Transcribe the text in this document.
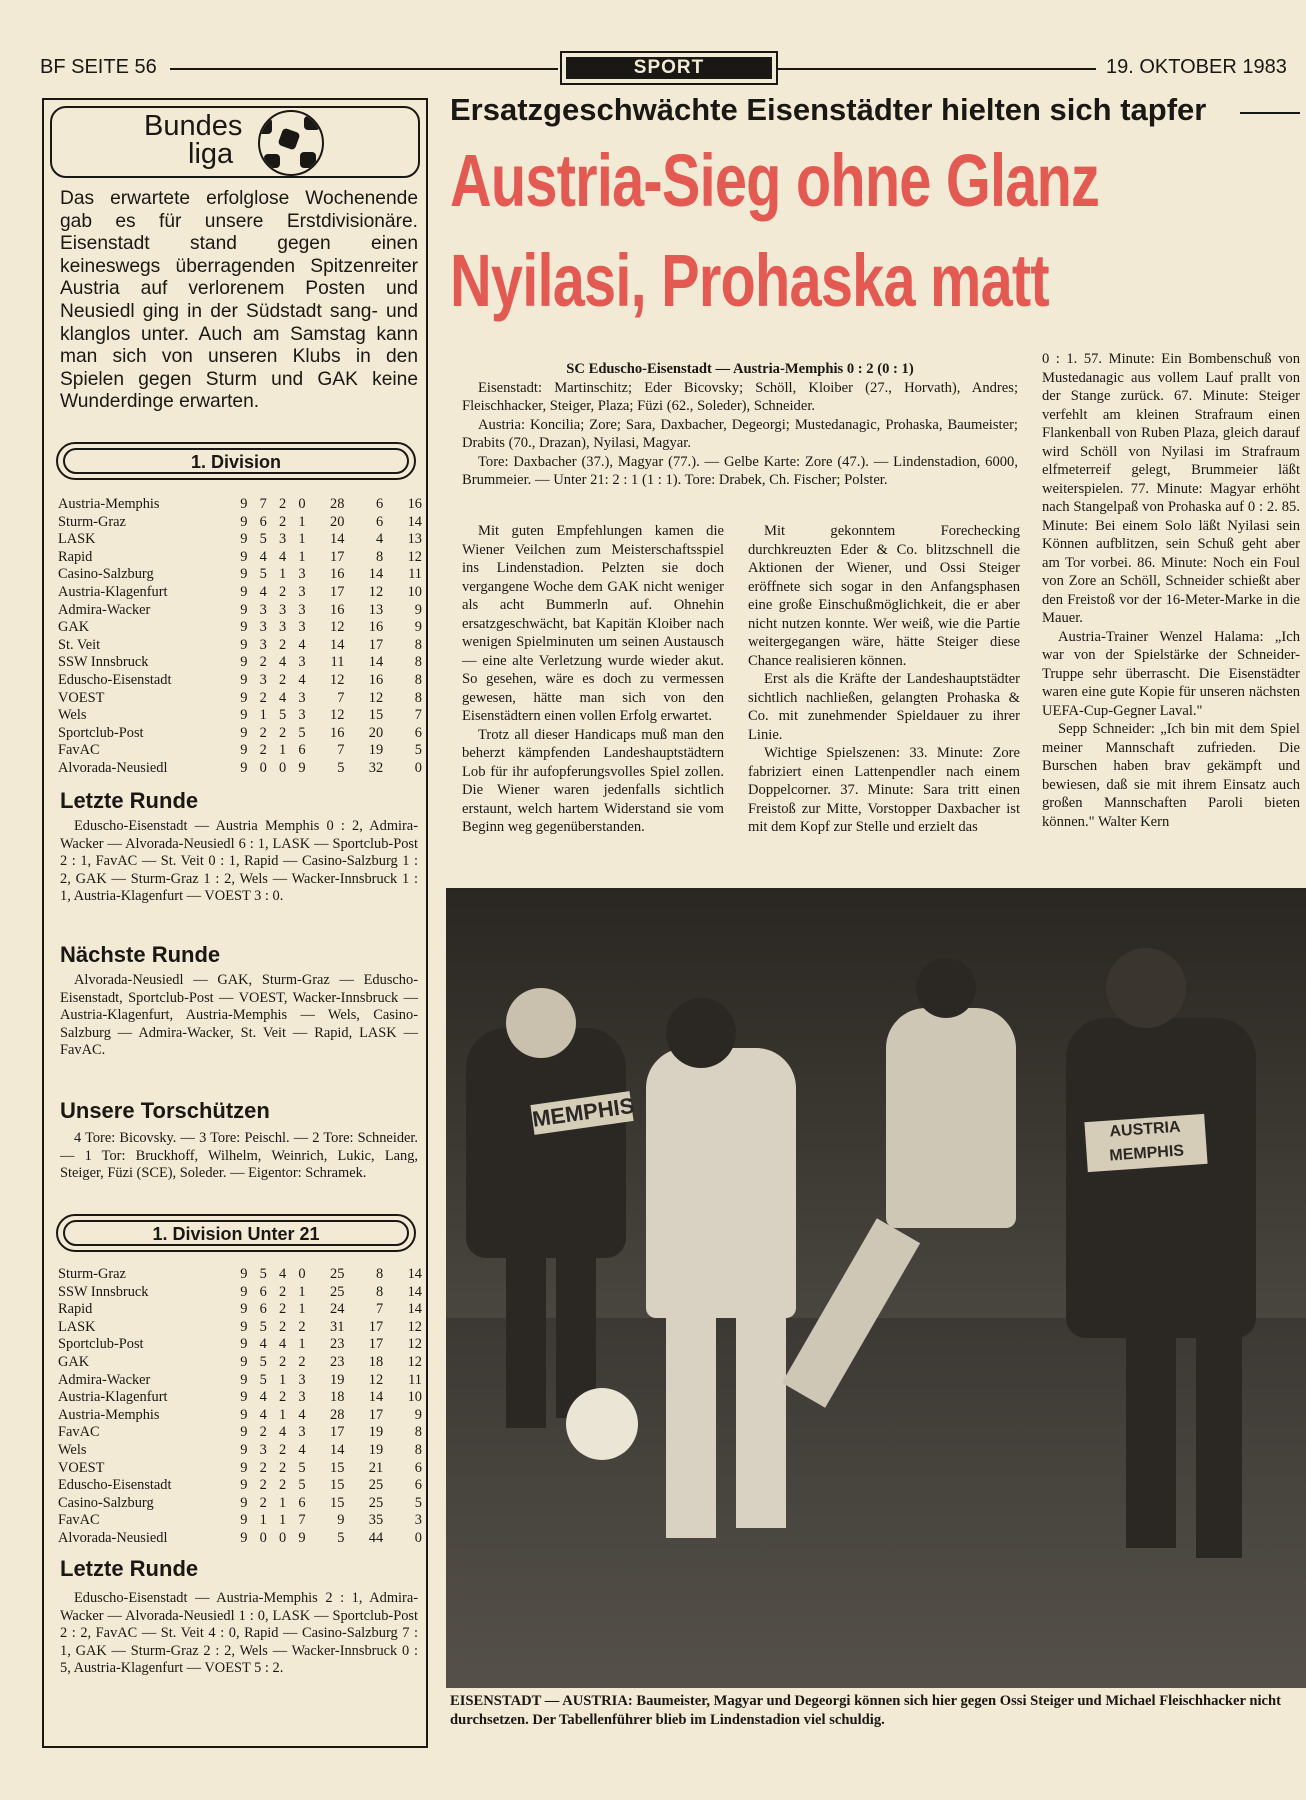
BF SEITE 56	SPORT	19. OKTOBER 1983
Bundes
liga
Das erwartete erfolglose Wochenende gab es für unsere Erstdivisionäre. Eisenstadt stand gegen einen keineswegs überragenden Spitzenreiter Austria auf verlorenem Posten und Neusiedl ging in der Südstadt sang- und klanglos unter. Auch am Samstag kann man sich von unseren Klubs in den Spielen gegen Sturm und GAK keine Wunderdinge erwarten.
1. Division
Austria-Memphis	9	7	2	0	28	6	16
Sturm-Graz	9	6	2	1	20	6	14
LASK	9	5	3	1	14	4	13
Rapid	9	4	4	1	17	8	12
Casino-Salzburg	9	5	1	3	16	14	11
Austria-Klagenfurt	9	4	2	3	17	12	10
Admira-Wacker	9	3	3	3	16	13	9
GAK	9	3	3	3	12	16	9
St. Veit	9	3	2	4	14	17	8
SSW Innsbruck	9	2	4	3	11	14	8
Eduscho-Eisenstadt	9	3	2	4	12	16	8
VOEST	9	2	4	3	7	12	8
Wels	9	1	5	3	12	15	7
Sportclub-Post	9	2	2	5	16	20	6
FavAC	9	2	1	6	7	19	5
Alvorada-Neusiedl	9	0	0	9	5	32	0
Letzte Runde
Eduscho-Eisenstadt — Austria Memphis 0 : 2, Admira-Wacker — Alvorada-Neusiedl 6 : 1, LASK — Sportclub-Post 2 : 1, FavAC — St. Veit 0 : 1, Rapid — Casino-Salzburg 1 : 2, GAK — Sturm-Graz 1 : 2, Wels — Wacker-Innsbruck 1 : 1, Austria-Klagenfurt — VOEST 3 : 0.
Nächste Runde
Alvorada-Neusiedl — GAK, Sturm-Graz — Eduscho-Eisenstadt, Sportclub-Post — VOEST, Wacker-Innsbruck — Austria-Klagenfurt, Austria-Memphis — Wels, Casino-Salzburg — Admira-Wacker, St. Veit — Rapid, LASK — FavAC.
Unsere Torschützen
4 Tore: Bicovsky. — 3 Tore: Peischl. — 2 Tore: Schneider. — 1 Tor: Bruckhoff, Wilhelm, Weinrich, Lukic, Lang, Steiger, Füzi (SCE), Soleder. — Eigentor: Schramek.
1. Division Unter 21
Sturm-Graz	9	5	4	0	25	8	14
SSW Innsbruck	9	6	2	1	25	8	14
Rapid	9	6	2	1	24	7	14
LASK	9	5	2	2	31	17	12
Sportclub-Post	9	4	4	1	23	17	12
GAK	9	5	2	2	23	18	12
Admira-Wacker	9	5	1	3	19	12	11
Austria-Klagenfurt	9	4	2	3	18	14	10
Austria-Memphis	9	4	1	4	28	17	9
FavAC	9	2	4	3	17	19	8
Wels	9	3	2	4	14	19	8
VOEST	9	2	2	5	15	21	6
Eduscho-Eisenstadt	9	2	2	5	15	25	6
Casino-Salzburg	9	2	1	6	15	25	5
FavAC	9	1	1	7	9	35	3
Alvorada-Neusiedl	9	0	0	9	5	44	0
Letzte Runde
Eduscho-Eisenstadt — Austria-Memphis 2 : 1, Admira-Wacker — Alvorada-Neusiedl 1 : 0, LASK — Sportclub-Post 2 : 2, FavAC — St. Veit 4 : 0, Rapid — Casino-Salzburg 7 : 1, GAK — Sturm-Graz 2 : 2, Wels — Wacker-Innsbruck 0 : 5, Austria-Klagenfurt — VOEST 5 : 2.
Ersatzgeschwächte Eisenstädter hielten sich tapfer
Austria-Sieg ohne Glanz
Nyilasi, Prohaska matt

SC Eduscho-Eisenstadt — Austria-Memphis 0 : 2 (0 : 1)

Eisenstadt: Martinschitz; Eder Bicovsky; Schöll, Kloiber (27., Horvath), Andres; Fleischhacker, Steiger, Plaza; Füzi (62., Soleder), Schneider.

Austria: Koncilia; Zore; Sara, Daxbacher, Degeorgi; Mustedanagic, Prohaska, Baumeister; Drabits (70., Drazan), Nyilasi, Magyar.

Tore: Daxbacher (37.), Magyar (77.). — Gelbe Karte: Zore (47.). — Lindenstadion, 6000, Brummeier. — Unter 21: 2 : 1 (1 : 1). Tore: Drabek, Ch. Fischer; Polster.

Mit guten Empfehlungen kamen die Wiener Veilchen zum Meisterschaftsspiel ins Lindenstadion. Pelzten sie doch vergangene Woche dem GAK nicht weniger als acht Bummerln auf. Ohnehin ersatzgeschwächt, bat Kapitän Kloiber nach wenigen Spielminuten um seinen Austausch — eine alte Verletzung wurde wieder akut. So gesehen, wäre es doch zu vermessen gewesen, hätte man sich von den Eisenstädtern einen vollen Erfolg erwartet.

Trotz all dieser Handicaps muß man den beherzt kämpfenden Landeshauptstädtern Lob für ihr aufopferungsvolles Spiel zollen. Die Wiener waren jedenfalls sichtlich erstaunt, welch hartem Widerstand sie vom Beginn weg gegenüberstanden.

Mit gekonntem Forechecking durchkreuzten Eder & Co. blitzschnell die Aktionen der Wiener, und Ossi Steiger eröffnete sich sogar in den Anfangsphasen eine große Einschußmöglichkeit, die er aber nicht nutzen konnte. Wer weiß, wie die Partie weitergegangen wäre, hätte Steiger diese Chance realisieren können.

Erst als die Kräfte der Landeshauptstädter sichtlich nachließen, gelangten Prohaska & Co. mit zunehmender Spieldauer zu ihrer Linie.

Wichtige Spielszenen: 33. Minute: Zore fabriziert einen Lattenpendler nach einem Doppelcorner. 37. Minute: Sara tritt einen Freistoß zur Mitte, Vorstopper Daxbacher ist mit dem Kopf zur Stelle und erzielt das

0 : 1. 57. Minute: Ein Bombenschuß von Mustedanagic aus vollem Lauf prallt von der Stange zurück. 67. Minute: Steiger verfehlt am kleinen Strafraum einen Flankenball von Ruben Plaza, gleich darauf wird Schöll von Nyilasi im Strafraum elfmeterreif gelegt, Brummeier läßt weiterspielen. 77. Minute: Magyar erhöht nach Stangelpaß von Prohaska auf 0 : 2. 85. Minute: Bei einem Solo läßt Nyilasi sein Können aufblitzen, sein Schuß geht aber am Tor vorbei. 86. Minute: Noch ein Foul von Zore an Schöll, Schneider schießt aber den Freistoß vor der 16-Meter-Marke in die Mauer.

Austria-Trainer Wenzel Halama: „Ich war von der Spielstärke der Schneider-Truppe sehr überrascht. Die Eisenstädter waren eine gute Kopie für unseren nächsten UEFA-Cup-Gegner Laval."

Sepp Schneider: „Ich bin mit dem Spiel meiner Mannschaft zufrieden. Die Burschen haben brav gekämpft und bewiesen, daß sie mit ihrem Einsatz auch großen Mannschaften Paroli bieten können." Walter Kern

MEMPHIS	AUSTRIA MEMPHIS
EISENSTADT — AUSTRIA: Baumeister, Magyar und Degeorgi können sich hier gegen Ossi Steiger und Michael Fleischhacker nicht durchsetzen. Der Tabellenführer blieb im Lindenstadion viel schuldig.
